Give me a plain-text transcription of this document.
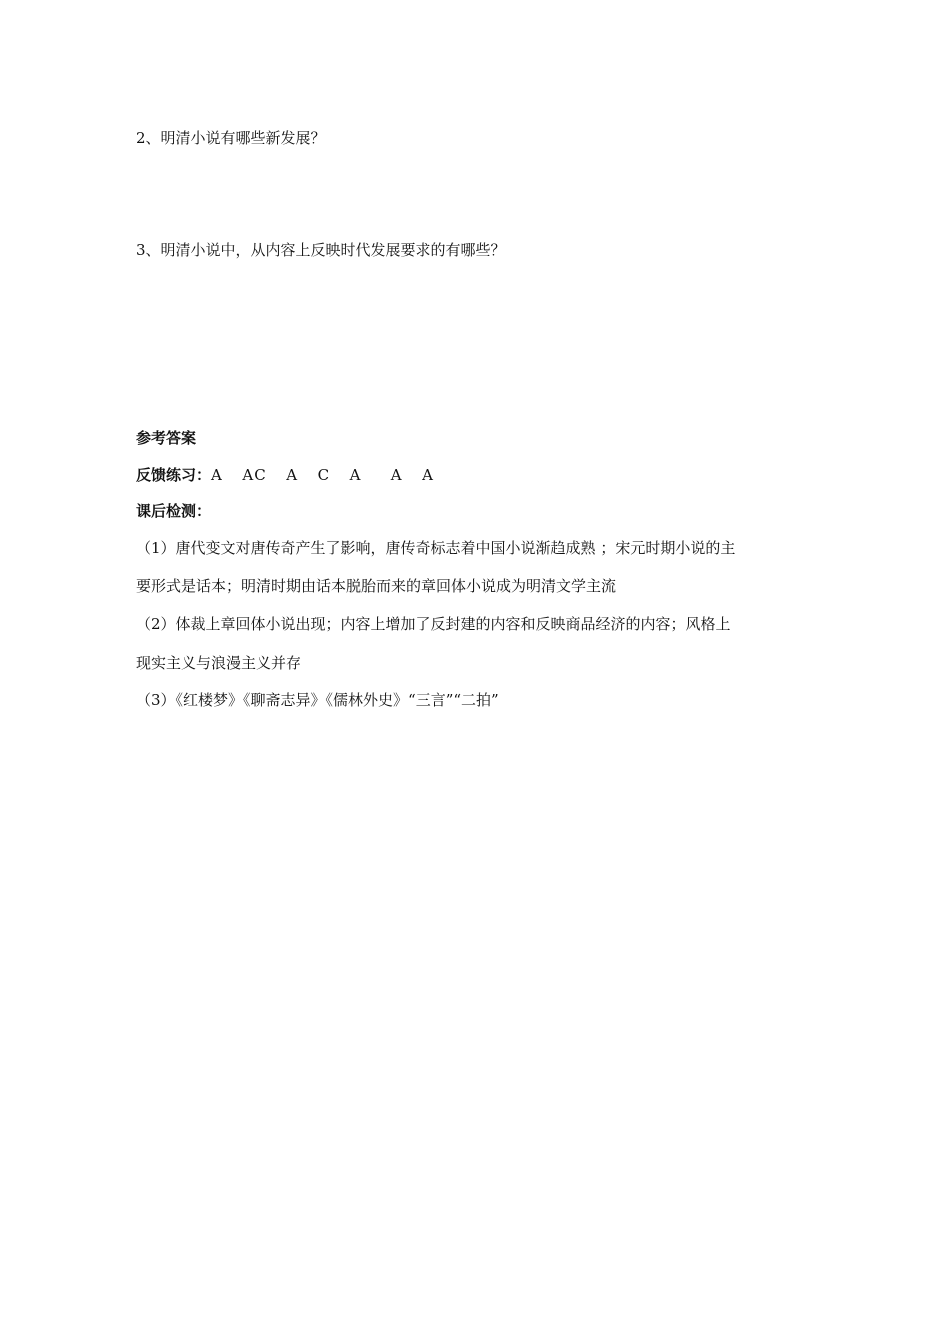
2、明清小说有哪些新发展？
3、明清小说中，从内容上反映时代发展要求的有哪些？
参考答案
反馈练习：A  AC  A  C  A   A  A
课后检测：
（1）唐代变文对唐传奇产生了影响，唐传奇标志着中国小说渐趋成熟 ；宋元时期小说的主
要形式是话本；明清时期由话本脱胎而来的章回体小说成为明清文学主流
（2）体裁上章回体小说出现；内容上增加了反封建的内容和反映商品经济的内容；风格上
现实主义与浪漫主义并存
（3）《红楼梦》《聊斋志异》《儒林外史》“三言”“二拍”
